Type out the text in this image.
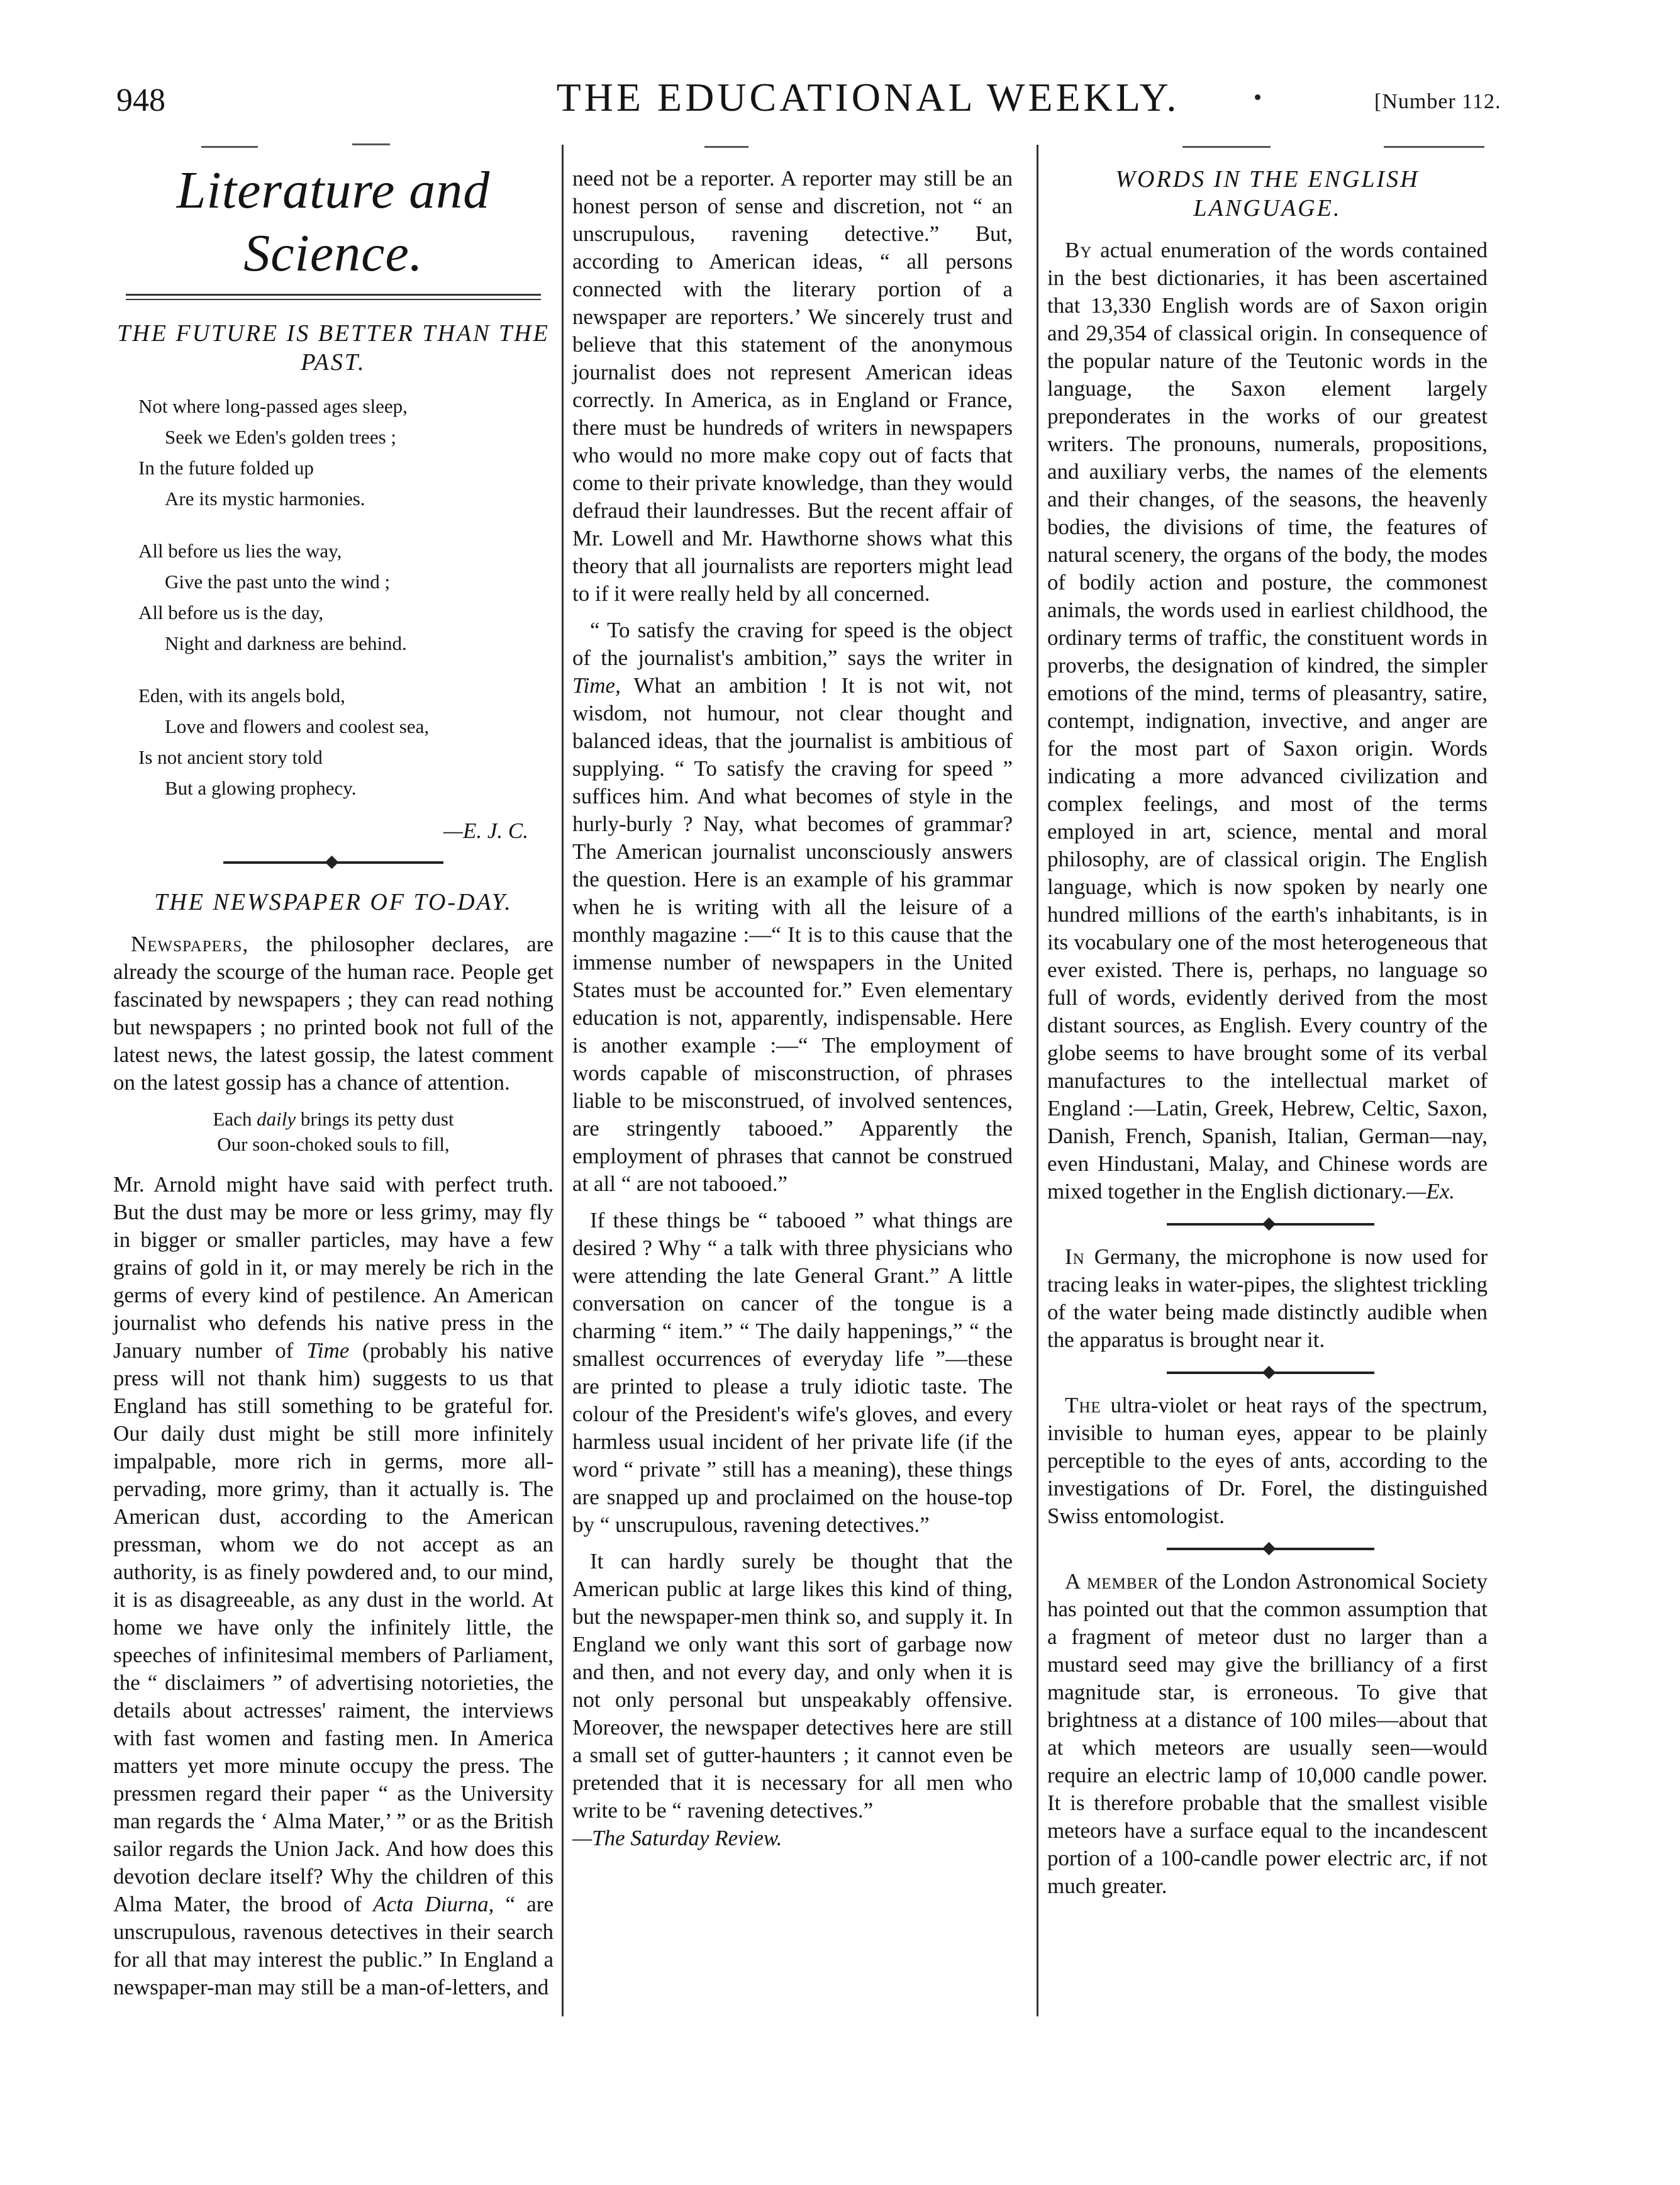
948	THE EDUCATIONAL WEEKLY.	[Number 112.
Literature and Science.
THE FUTURE IS BETTER THAN THE PAST.

Not where long-passed ages sleep,

Seek we Eden's golden trees ;

In the future folded up

Are its mystic harmonies.

All before us lies the way,

Give the past unto the wind ;

All before us is the day,

Night and darkness are behind.

Eden, with its angels bold,

Love and flowers and coolest sea,

Is not ancient story told

But a glowing prophecy.

—E. J. C.
THE NEWSPAPER OF TO-DAY.

Newspapers, the philosopher declares, are already the scourge of the human race. People get fascinated by newspapers ; they can read nothing but newspapers ; no printed book not full of the latest news, the latest gossip, the latest comment on the latest gossip has a chance of attention.

Each daily brings its petty dust

Our soon-choked souls to fill,

Mr. Arnold might have said with perfect truth. But the dust may be more or less grimy, may fly in bigger or smaller particles, may have a few grains of gold in it, or may merely be rich in the germs of every kind of pestilence. An American journalist who defends his native press in the January number of Time (probably his native press will not thank him) suggests to us that England has still something to be grateful for. Our daily dust might be still more infinitely impalpable, more rich in germs, more all-pervading, more grimy, than it actually is. The American dust, according to the American pressman, whom we do not accept as an authority, is as finely powdered and, to our mind, it is as disagreeable, as any dust in the world. At home we have only the infinitely little, the speeches of infinitesimal members of Parliament, the “ disclaimers ” of advertising notorieties, the details about actresses' raiment, the interviews with fast women and fasting men. In America matters yet more minute occupy the press. The pressmen regard their paper “ as the University man regards the ‘ Alma Mater,’ ” or as the British sailor regards the Union Jack. And how does this devotion declare itself? Why the children of this Alma Mater, the brood of Acta Diurna, “ are unscrupulous, ravenous detectives in their search for all that may interest the public.” In England a newspaper-man may still be a man-of-letters, and

need not be a reporter. A reporter may still be an honest person of sense and discretion, not “ an unscrupulous, ravening detective.” But, according to American ideas, “ all persons connected with the literary portion of a newspaper are reporters.’ We sincerely trust and believe that this statement of the anonymous journalist does not represent American ideas correctly. In America, as in England or France, there must be hundreds of writers in newspapers who would no more make copy out of facts that come to their private knowledge, than they would defraud their laundresses. But the recent affair of Mr. Lowell and Mr. Hawthorne shows what this theory that all journalists are reporters might lead to if it were really held by all concerned.

“ To satisfy the craving for speed is the object of the journalist's ambition,” says the writer in Time, What an ambition ! It is not wit, not wisdom, not humour, not clear thought and balanced ideas, that the journalist is ambitious of supplying. “ To satisfy the craving for speed ” suffices him. And what becomes of style in the hurly-burly ? Nay, what becomes of grammar? The American journalist unconsciously answers the question. Here is an example of his grammar when he is writing with all the leisure of a monthly magazine :—“ It is to this cause that the immense number of newspapers in the United States must be accounted for.” Even elementary education is not, apparently, indispensable. Here is another example :—“ The employment of words capable of misconstruction, of phrases liable to be misconstrued, of involved sentences, are stringently tabooed.” Apparently the employment of phrases that cannot be construed at all “ are not tabooed.”

If these things be “ tabooed ” what things are desired ? Why “ a talk with three physicians who were attending the late General Grant.” A little conversation on cancer of the tongue is a charming “ item.” “ The daily happenings,” “ the smallest occurrences of everyday life ”—these are printed to please a truly idiotic taste. The colour of the President's wife's gloves, and every harmless usual incident of her private life (if the word “ private ” still has a meaning), these things are snapped up and proclaimed on the house-top by “ unscrupulous, ravening detectives.”

It can hardly surely be thought that the American public at large likes this kind of thing, but the newspaper-men think so, and supply it. In England we only want this sort of garbage now and then, and not every day, and only when it is not only personal but unspeakably offensive. Moreover, the newspaper detectives here are still a small set of gutter-haunters ; it cannot even be pretended that it is necessary for all men who write to be “ ravening detectives.”

—The Saturday Review.

WORDS IN THE ENGLISH LANGUAGE.

By actual enumeration of the words contained in the best dictionaries, it has been ascertained that 13,330 English words are of Saxon origin and 29,354 of classical origin. In consequence of the popular nature of the Teutonic words in the language, the Saxon element largely preponderates in the works of our greatest writers. The pronouns, numerals, propositions, and auxiliary verbs, the names of the elements and their changes, of the seasons, the heavenly bodies, the divisions of time, the features of natural scenery, the organs of the body, the modes of bodily action and posture, the commonest animals, the words used in earliest childhood, the ordinary terms of traffic, the constituent words in proverbs, the designation of kindred, the simpler emotions of the mind, terms of pleasantry, satire, contempt, indignation, invective, and anger are for the most part of Saxon origin. Words indicating a more advanced civilization and complex feelings, and most of the terms employed in art, science, mental and moral philosophy, are of classical origin. The English language, which is now spoken by nearly one hundred millions of the earth's inhabitants, is in its vocabulary one of the most heterogeneous that ever existed. There is, perhaps, no language so full of words, evidently derived from the most distant sources, as English. Every country of the globe seems to have brought some of its verbal manufactures to the intellectual market of England :—Latin, Greek, Hebrew, Celtic, Saxon, Danish, French, Spanish, Italian, German—nay, even Hindustani, Malay, and Chinese words are mixed together in the English dictionary.—Ex.

In Germany, the microphone is now used for tracing leaks in water-pipes, the slightest trickling of the water being made distinctly audible when the apparatus is brought near it.

The ultra-violet or heat rays of the spectrum, invisible to human eyes, appear to be plainly perceptible to the eyes of ants, according to the investigations of Dr. Forel, the distinguished Swiss entomologist.

A member of the London Astronomical Society has pointed out that the common assumption that a fragment of meteor dust no larger than a mustard seed may give the brilliancy of a first magnitude star, is erroneous. To give that brightness at a distance of 100 miles—about that at which meteors are usually seen—would require an electric lamp of 10,000 candle power. It is therefore probable that the smallest visible meteors have a surface equal to the incandescent portion of a 100-candle power electric arc, if not much greater.
